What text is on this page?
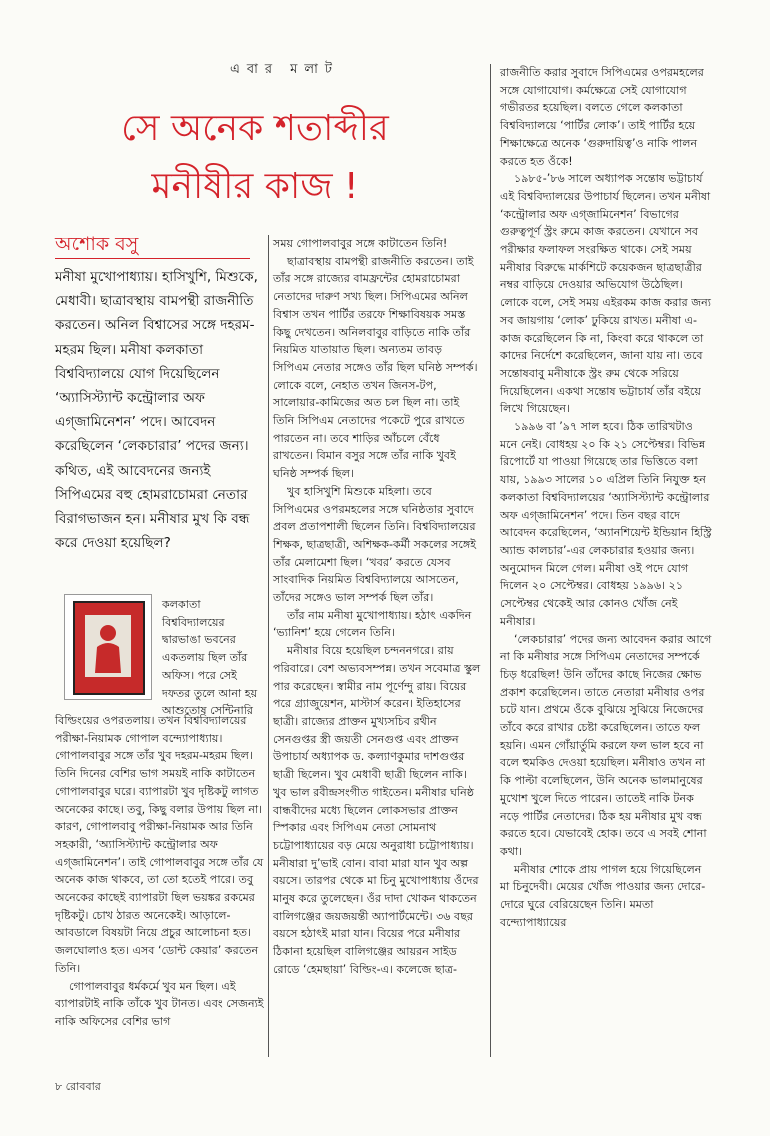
এবার মলাট
সে অনেক শতাব্দীর
মনীষীর কাজ !
অশোক বসু
মনীষা মুখোপাধ্যায়। হাসিখুশি, মিশুকে, মেধাবী। ছাত্রাবস্থায় বামপন্থী রাজনীতি করতেন। অনিল বিশ্বাসের সঙ্গে দহরম-মহরম ছিল। মনীষা কলকাতা বিশ্ববিদ্যালয়ে যোগ দিয়েছিলেন ‘অ্যাসিস্ট্যান্ট কন্ট্রোলার অফ এগ্জামিনেশন’ পদে। আবেদন করেছিলেন ‘লেকচারার’ পদের জন্য। কথিত, এই আবেদনের জন্যই সিপিএমের বহু হোমরাচোমরা নেতার বিরাগভাজন হন। মনীষার মুখ কি বন্ধ করে দেওয়া হয়েছিল?

কলকাতা বিশ্ববিদ্যালয়ের দ্বারভাঙা ভবনের একতলায় ছিল তাঁর অফিস। পরে সেই দফতর তুলে আনা হয় আশুতোষ সেন্টিনারি

বিল্ডিংয়ের ওপরতলায়। তখন বিশ্ববিদ্যালয়ের পরীক্ষা-নিয়ামক গোপাল বন্দ্যোপাধ্যায়। গোপালবাবুর সঙ্গে তাঁর খুব দহরম-মহরম ছিল। তিনি দিনের বেশির ভাগ সময়ই নাকি কাটাতেন গোপালবাবুর ঘরে। ব্যাপারটা খুব দৃষ্টিকটু লাগত অনেকের কাছে। তবু, কিছু বলার উপায় ছিল না। কারণ, গোপালবাবু পরীক্ষা-নিয়ামক আর তিনি সহকারী, ‘অ্যাসিস্ট্যান্ট কন্ট্রোলার অফ এগ্জামিনেশন’। তাই গোপালবাবুর সঙ্গে তাঁর যে অনেক কাজ থাকবে, তা তো হতেই পারে। তবু অনেকের কাছেই ব্যাপারটা ছিল ভয়ঙ্কর রকমের দৃষ্টিকটু। চোখ ঠারত অনেকেই। আড়ালে-আবডালে বিষয়টা নিয়ে প্রচুর আলোচনা হত। জলঘোলাও হত। এসব ‘ডোন্ট কেয়ার’ করতেন তিনি।

গোপালবাবুর ধর্মকর্মে খুব মন ছিল। এই ব্যাপারটাই নাকি তাঁকে খুব টানত। এবং সেজন্যই নাকি অফিসের বেশির ভাগ

সময় গোপালবাবুর সঙ্গে কাটাতেন তিনি!

ছাত্রাবস্থায় বামপন্থী রাজনীতি করতেন। তাই তাঁর সঙ্গে রাজ্যের বামফ্রন্টের হোমরাচোমরা নেতাদের দারুণ সখ্য ছিল। সিপিএমের অনিল বিশ্বাস তখন পার্টির তরফে শিক্ষাবিষয়ক সমস্ত কিছু দেখতেন। অনিলবাবুর বাড়িতে নাকি তাঁর নিয়মিত যাতায়াত ছিল। অন্যতম তাবড় সিপিএম নেতার সঙ্গেও তাঁর ছিল ঘনিষ্ঠ সম্পর্ক। লোকে বলে, নেহাত তখন জিনস-টপ, সালোয়ার-কামিজের অত চল ছিল না। তাই তিনি সিপিএম নেতাদের পকেটে পুরে রাখতে পারতেন না। তবে শাড়ির আঁচলে বেঁধে রাখতেন। বিমান বসুর সঙ্গে তাঁর নাকি খুবই ঘনিষ্ঠ সম্পর্ক ছিল।

খুব হাসিখুশি মিশুকে মহিলা। তবে সিপিএমের ওপরমহলের সঙ্গে ঘনিষ্ঠতার সুবাদে প্রবল প্রতাপশালী ছিলেন তিনি। বিশ্ববিদ্যালয়ের শিক্ষক, ছাত্রছাত্রী, অশিক্ষক-কর্মী সকলের সঙ্গেই তাঁর মেলামেশা ছিল। ‘খবর’ করতে যেসব সাংবাদিক নিয়মিত বিশ্ববিদ্যালয়ে আসতেন, তাঁদের সঙ্গেও ভাল সম্পর্ক ছিল তাঁর।

তাঁর নাম মনীষা মুখোপাধ্যায়। হঠাৎ একদিন ‘ভ্যানিশ’ হয়ে গেলেন তিনি।

মনীষার বিয়ে হয়েছিল চন্দননগরে। রায় পরিবারে। বেশ অভ্যবসম্পন্ন। তখন সবেমাত্র স্কুল পার করেছেন। স্বামীর নাম পূর্ণেন্দু রায়। বিয়ের পরে গ্র্যাজুয়েশন, মাস্টার্স করেন। ইতিহাসের ছাত্রী। রাজ্যের প্রাক্তন মুখ্যসচিব রথীন সেনগুপ্তর স্ত্রী জয়তী সেনগুপ্ত এবং প্রাক্তন উপাচার্য অধ্যাপক ড. কল্যাণকুমার দাশগুপ্তর ছাত্রী ছিলেন। খুব মেধাবী ছাত্রী ছিলেন নাকি। খুব ভাল রবীন্দ্রসংগীত গাইতেন। মনীষার ঘনিষ্ঠ বান্ধবীদের মধ্যে ছিলেন লোকসভার প্রাক্তন স্পিকার এবং সিপিএম নেতা সোমনাথ চট্টোপাধ্যায়ের বড় মেয়ে অনুরাধা চট্টোপাধ্যায়। মনীষারা দু’ভাই বোন। বাবা মারা যান খুব অল্প বয়সে। তারপর থেকে মা চিনু মুখোপাধ্যায় ওঁদের মানুষ করে তুলেছেন। ওঁর দাদা খোকন থাকতেন বালিগঞ্জের জয়জয়ন্তী অ্যাপার্টমেন্টে। ৩৬ বছর বয়সে হঠাৎই মারা যান। বিয়ের পরে মনীষার ঠিকানা হয়েছিল বালিগঞ্জের আয়রন সাইড রোডে ‘হেমছায়া’ বিল্ডিং-এ। কলেজে ছাত্র-

রাজনীতি করার সুবাদে সিপিএমের ওপরমহলের সঙ্গে যোগাযোগ। কর্মক্ষেত্রে সেই যোগাযোগ গভীরতর হয়েছিল। বলতে গেলে কলকাতা বিশ্ববিদ্যালয়ে ‘পার্টির লোক’। তাই পার্টির হয়ে শিক্ষাক্ষেত্রে অনেক ‘গুরুদায়িত্ব’ও নাকি পালন করতে হত ওঁকে!

১৯৮৫-’৮৬ সালে অধ্যাপক সন্তোষ ভট্টাচার্য এই বিশ্ববিদ্যালয়ের উপাচার্য ছিলেন। তখন মনীষা ‘কন্ট্রোলার অফ এগ্জামিনেশন’ বিভাগের গুরুত্বপূর্ণ স্ট্রং রুমে কাজ করতেন। যেখানে সব পরীক্ষার ফলাফল সংরক্ষিত থাকে। সেই সময় মনীষার বিরুদ্ধে মার্কশিটে কয়েকজন ছাত্রছাত্রীর নম্বর বাড়িয়ে দেওয়ার অভিযোগ উঠেছিল। লোকে বলে, সেই সময় এইরকম কাজ করার জন্য সব জায়গায় ‘লোক’ ঢুকিয়ে রাখত। মনীষা এ-কাজ করেছিলেন কি না, কিংবা করে থাকলে তা কাদের নির্দেশে করেছিলেন, জানা যায় না। তবে সন্তোষবাবু মনীষাকে স্ট্রং রুম থেকে সরিয়ে দিয়েছিলেন। একথা সন্তোষ ভট্টাচার্য তাঁর বইয়ে লিখে গিয়েছেন।

১৯৯৬ বা ’৯৭ সাল হবে। ঠিক তারিখটাও মনে নেই। বোধহয় ২০ কি ২১ সেপ্টেম্বর। বিভিন্ন রিপোর্টে যা পাওয়া গিয়েছে তার ভিত্তিতে বলা যায়, ১৯৯৩ সালের ১০ এপ্রিল তিনি নিযুক্ত হন কলকাতা বিশ্ববিদ্যালয়ের ‘অ্যাসিস্ট্যান্ট কন্ট্রোলার অফ এগ্জামিনেশন’ পদে। তিন বছর বাদে আবেদন করেছিলেন, ‘অ্যানশিয়েন্ট ইন্ডিয়ান হিস্ট্রি অ্যান্ড কালচার’-এর লেকচারার হওয়ার জন্য। অনুমোদন মিলে গেল। মনীষা ওই পদে যোগ দিলেন ২০ সেপ্টেম্বর। বোধহয় ১৯৯৬। ২১ সেপ্টেম্বর থেকেই আর কোনও খোঁজ নেই মনীষার।

‘লেকচারার’ পদের জন্য আবেদন করার আগে না কি মনীষার সঙ্গে সিপিএম নেতাদের সম্পর্কে চিড় ধরেছিল! উনি তাঁদের কাছে নিজের ক্ষোভ প্রকাশ করেছিলেন। তাতে নেতারা মনীষার ওপর চটে যান। প্রথমে ওঁকে বুঝিয়ে সুঝিয়ে নিজেদের তাঁবে করে রাখার চেষ্টা করেছিলেন। তাতে ফল হয়নি। এমন গোঁয়ার্তুমি করলে ফল ভাল হবে না বলে হুমকিও দেওয়া হয়েছিল। মনীষাও তখন না কি পাল্টা বলেছিলেন, উনি অনেক ভালমানুষের মুখোশ খুলে দিতে পারেন। তাতেই নাকি টনক নড়ে পার্টির নেতাদের। ঠিক হয় মনীষার মুখ বন্ধ করতে হবে। যেভাবেই হোক। তবে এ সবই শোনা কথা।

মনীষার শোকে প্রায় পাগল হয়ে গিয়েছিলেন মা চিনুদেবী। মেয়ের খোঁজ পাওয়ার জন্য দোরে-দোরে ঘুরে বেরিয়েছেন তিনি। মমতা বন্দ্যোপাধ্যায়ের

৮ রোববার
